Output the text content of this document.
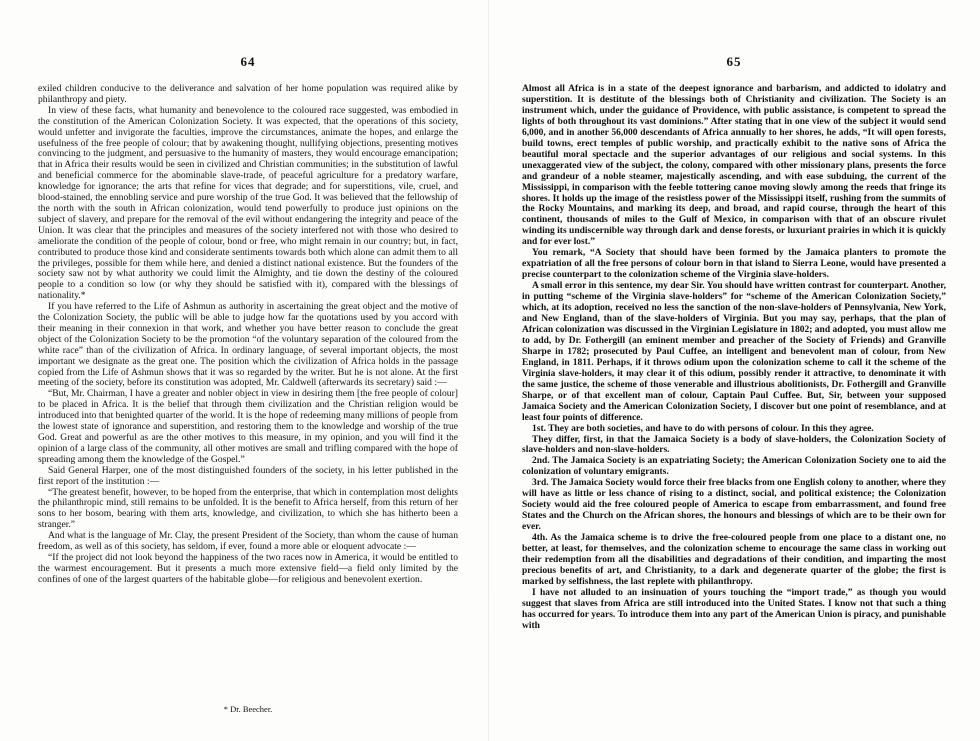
64

exiled children conducive to the deliverance and salvation of her home population was required alike by philanthropy and piety.

In view of these facts, what humanity and benevolence to the coloured race suggested, was embodied in the constitution of the American Colonization Society. It was expected, that the operations of this society, would unfetter and invigorate the faculties, improve the circumstances, animate the hopes, and enlarge the usefulness of the free people of colour; that by awakening thought, nullifying objections, presenting motives convincing to the judgment, and persuasive to the humanity of masters, they would encourage emancipation; that in Africa their results would be seen in civilized and Christian communities; in the substitution of lawful and beneficial commerce for the abominable slave-trade, of peaceful agriculture for a predatory warfare, knowledge for ignorance; the arts that refine for vices that degrade; and for superstitions, vile, cruel, and blood-stained, the ennobling service and pure worship of the true God. It was believed that the fellowship of the north with the south in African colonization, would tend powerfully to produce just opinions on the subject of slavery, and prepare for the removal of the evil without endangering the integrity and peace of the Union. It was clear that the principles and measures of the society interfered not with those who desired to ameliorate the condition of the people of colour, bond or free, who might remain in our country; but, in fact, contributed to produce those kind and considerate sentiments towards both which alone can admit them to all the privileges, possible for them while here, and denied a distinct national existence. But the founders of the society saw not by what authority we could limit the Almighty, and tie down the destiny of the coloured people to a condition so low (or why they should be satisfied with it), compared with the blessings of nationality.*

If you have referred to the Life of Ashmun as authority in ascertaining the great object and the motive of the Colonization Society, the public will be able to judge how far the quotations used by you accord with their meaning in their connexion in that work, and whether you have better reason to conclude the great object of the Colonization Society to be the promotion “of the voluntary separation of the coloured from the white race” than of the civilization of Africa. In ordinary language, of several important objects, the most important we designate as the great one. The position which the civilization of Africa holds in the passage copied from the Life of Ashmun shows that it was so regarded by the writer. But he is not alone. At the first meeting of the society, before its constitution was adopted, Mr. Caldwell (afterwards its secretary) said :—

“But, Mr. Chairman, I have a greater and nobler object in view in desiring them [the free people of colour] to be placed in Africa. It is the belief that through them civilization and the Christian religion would be introduced into that benighted quarter of the world. It is the hope of redeeming many millions of people from the lowest state of ignorance and superstition, and restoring them to the knowledge and worship of the true God. Great and powerful as are the other motives to this measure, in my opinion, and you will find it the opinion of a large class of the community, all other motives are small and trifling compared with the hope of spreading among them the knowledge of the Gospel.”

Said General Harper, one of the most distinguished founders of the society, in his letter published in the first report of the institution :—

“The greatest benefit, however, to be hoped from the enterprise, that which in contemplation most delights the philanthropic mind, still remains to be unfolded. It is the benefit to Africa herself, from this return of her sons to her bosom, bearing with them arts, knowledge, and civilization, to which she has hitherto been a stranger.”

And what is the language of Mr. Clay, the present President of the Society, than whom the cause of human freedom, as well as of this society, has seldom, if ever, found a more able or eloquent advocate :—

“If the project did not look beyond the happiness of the two races now in America, it would be entitled to the warmest encouragement. But it presents a much more extensive field—a field only limited by the confines of one of the largest quarters of the habitable globe—for religious and benevolent exertion.

* Dr. Beecher.
65

Almost all Africa is in a state of the deepest ignorance and barbarism, and addicted to idolatry and superstition. It is destitute of the blessings both of Christianity and civilization. The Society is an instrument which, under the guidance of Providence, with public assistance, is competent to spread the lights of both throughout its vast dominions.” After stating that in one view of the subject it would send 6,000, and in another 56,000 descendants of Africa annually to her shores, he adds, “It will open forests, build towns, erect temples of public worship, and practically exhibit to the native sons of Africa the beautiful moral spectacle and the superior advantages of our religious and social systems. In this unexaggerated view of the subject, the colony, compared with other missionary plans, presents the force and grandeur of a noble steamer, majestically ascending, and with ease subduing, the current of the Mississippi, in comparison with the feeble tottering canoe moving slowly among the reeds that fringe its shores. It holds up the image of the resistless power of the Mississippi itself, rushing from the summits of the Rocky Mountains, and marking its deep, and broad, and rapid course, through the heart of this continent, thousands of miles to the Gulf of Mexico, in comparison with that of an obscure rivulet winding its undiscernible way through dark and dense forests, or luxuriant prairies in which it is quickly and for ever lost.”

You remark, “A Society that should have been formed by the Jamaica planters to promote the expatriation of all the free persons of colour born in that island to Sierra Leone, would have presented a precise counterpart to the colonization scheme of the Virginia slave-holders.

A small error in this sentence, my dear Sir. You should have written contrast for counterpart. Another, in putting “scheme of the Virginia slave-holders” for “scheme of the American Colonization Society,” which, at its adoption, received no less the sanction of the non-slave-holders of Pennsylvania, New York, and New England, than of the slave-holders of Virginia. But you may say, perhaps, that the plan of African colonization was discussed in the Virginian Legislature in 1802; and adopted, you must allow me to add, by Dr. Fothergill (an eminent member and preacher of the Society of Friends) and Granville Sharpe in 1782; prosecuted by Paul Cuffee, an intelligent and benevolent man of colour, from New England, in 1811. Perhaps, if it throws odium upon the colonization scheme to call it the scheme of the Virginia slave-holders, it may clear it of this odium, possibly render it attractive, to denominate it with the same justice, the scheme of those venerable and illustrious abolitionists, Dr. Fothergill and Granville Sharpe, or of that excellent man of colour, Captain Paul Cuffee. But, Sir, between your supposed Jamaica Society and the American Colonization Society, I discover but one point of resemblance, and at least four points of difference.

1st. They are both societies, and have to do with persons of colour. In this they agree.

They differ, first, in that the Jamaica Society is a body of slave-holders, the Colonization Society of slave-holders and non-slave-holders.

2nd. The Jamaica Society is an expatriating Society; the American Colonization Society one to aid the colonization of voluntary emigrants.

3rd. The Jamaica Society would force their free blacks from one English colony to another, where they will have as little or less chance of rising to a distinct, social, and political existence; the Colonization Society would aid the free coloured people of America to escape from embarrassment, and found free States and the Church on the African shores, the honours and blessings of which are to be their own for ever.

4th. As the Jamaica scheme is to drive the free-coloured people from one place to a distant one, no better, at least, for themselves, and the colonization scheme to encourage the same class in working out their redemption from all the disabilities and degradations of their condition, and imparting the most precious benefits of art, and Christianity, to a dark and degenerate quarter of the globe; the first is marked by selfishness, the last replete with philanthropy.

I have not alluded to an insinuation of yours touching the “import trade,” as though you would suggest that slaves from Africa are still introduced into the United States. I know not that such a thing has occurred for years. To introduce them into any part of the American Union is piracy, and punishable with
